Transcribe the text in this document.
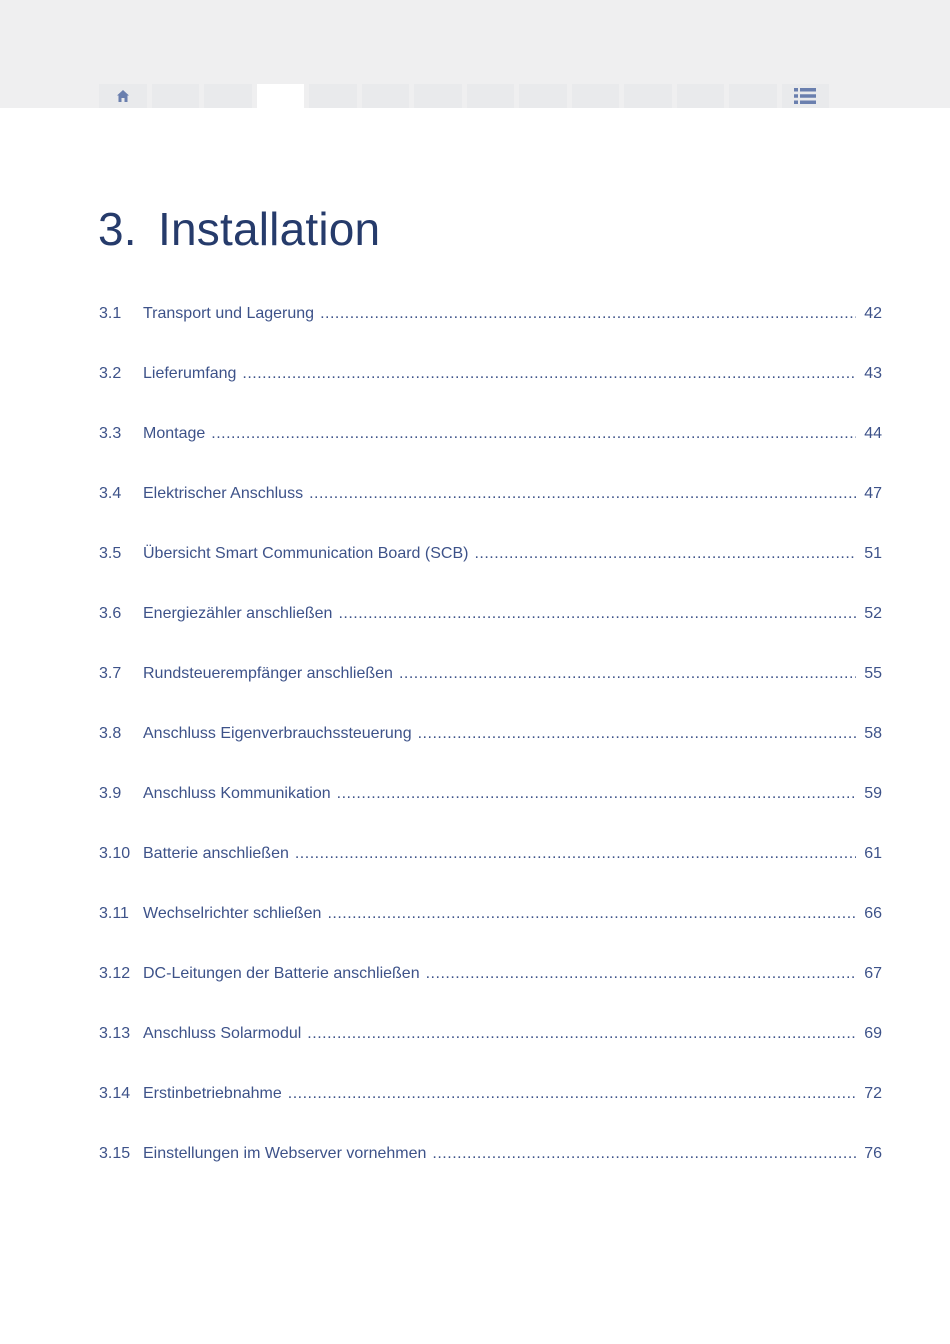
3. Installation
3.1	Transport und Lagerung .....	42
3.2	Lieferumfang .....	43
3.3	Montage .....	44
3.4	Elektrischer Anschluss .....	47
3.5	Übersicht Smart Communication Board (SCB) .....	51
3.6	Energiezähler anschließen .....	52
3.7	Rundsteuerempfänger anschließen .....	55
3.8	Anschluss Eigenverbrauchssteuerung .....	58
3.9	Anschluss Kommunikation .....	59
3.10 Batterie anschließen .....	61
3.11 Wechselrichter schließen .....	66
3.12 DC-Leitungen der Batterie anschließen .....	67
3.13 Anschluss Solarmodul .....	69
3.14 Erstinbetriebnahme .....	72
3.15 Einstellungen im Webserver vornehmen .....	76
